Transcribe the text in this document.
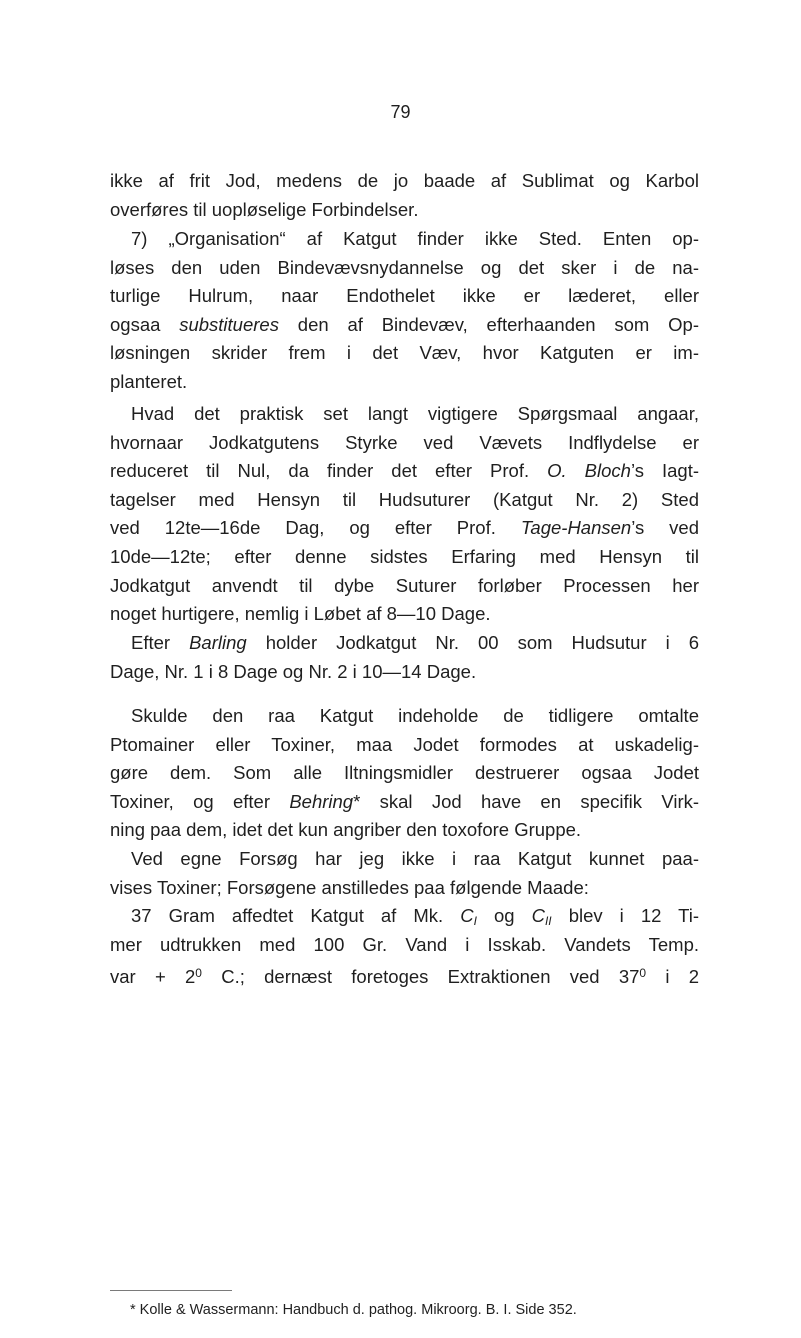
79
ikke af frit Jod, medens de jo baade af Sublimat og Karbol
overføres til uopløselige Forbindelser.
7) „Organisation“ af Katgut finder ikke Sted. Enten op-
løses den uden Bindevævsnydannelse og det sker i de na-
turlige Hulrum, naar Endothelet ikke er læderet, eller
ogsaa substitueres den af Bindevæv, efterhaanden som Op-
løsningen skrider frem i det Væv, hvor Katguten er im-
planteret.
Hvad det praktisk set langt vigtigere Spørgsmaal angaar,
hvornaar Jodkatgutens Styrke ved Vævets Indflydelse er
reduceret til Nul, da finder det efter Prof. O. Bloch’s Iagt-
tagelser med Hensyn til Hudsuturer (Katgut Nr. 2) Sted
ved 12te—16de Dag, og efter Prof. Tage-Hansen’s ved
10de—12te; efter denne sidstes Erfaring med Hensyn til
Jodkatgut anvendt til dybe Suturer forløber Processen her
noget hurtigere, nemlig i Løbet af 8—10 Dage.
Efter Barling holder Jodkatgut Nr. 00 som Hudsutur i 6
Dage, Nr. 1 i 8 Dage og Nr. 2 i 10—14 Dage.
Skulde den raa Katgut indeholde de tidligere omtalte
Ptomainer eller Toxiner, maa Jodet formodes at uskadelig-
gøre dem. Som alle Iltningsmidler destruerer ogsaa Jodet
Toxiner, og efter Behring* skal Jod have en specifik Virk-
ning paa dem, idet det kun angriber den toxofore Gruppe.
Ved egne Forsøg har jeg ikke i raa Katgut kunnet paa-
vises Toxiner; Forsøgene anstilledes paa følgende Maade:
37 Gram affedtet Katgut af Mk. $C_I$ og $C_{II}$ blev i 12 Ti-
mer udtrukken med 100 Gr. Vand i Isskab. Vandets Temp.
var + $2^0$ C.; dernæst foretoges Extraktionen ved $37^0$ i 2
* Kolle & Wassermann: Handbuch d. pathog. Mikroorg. B. I. Side 352.
